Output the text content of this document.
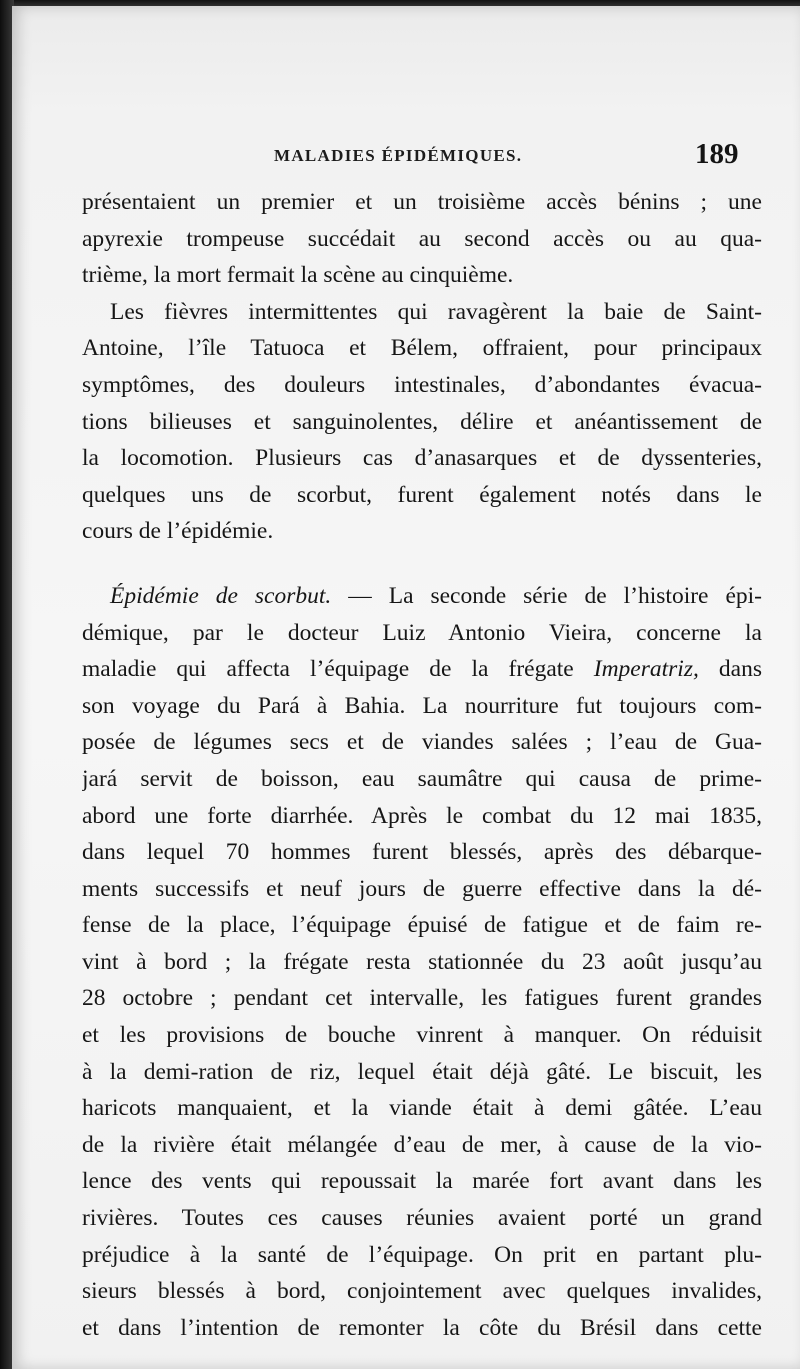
MALADIES ÉPIDÉMIQUES.	189
présentaient un premier et un troisième accès bénins ; une
apyrexie trompeuse succédait au second accès ou au qua-
trième, la mort fermait la scène au cinquième.
Les fièvres intermittentes qui ravagèrent la baie de Saint-
Antoine, l’île Tatuoca et Bélem, offraient, pour principaux
symptômes, des douleurs intestinales, d’abondantes évacua-
tions bilieuses et sanguinolentes, délire et anéantissement de
la locomotion. Plusieurs cas d’anasarques et de dyssenteries,
quelques uns de scorbut, furent également notés dans le
cours de l’épidémie.
Épidémie de scorbut. — La seconde série de l’histoire épi-
démique, par le docteur Luiz Antonio Vieira, concerne la
maladie qui affecta l’équipage de la frégate Imperatriz, dans
son voyage du Pará à Bahia. La nourriture fut toujours com-
posée de légumes secs et de viandes salées ; l’eau de Gua-
jará servit de boisson, eau saumâtre qui causa de prime-
abord une forte diarrhée. Après le combat du 12 mai 1835,
dans lequel 70 hommes furent blessés, après des débarque-
ments successifs et neuf jours de guerre effective dans la dé-
fense de la place, l’équipage épuisé de fatigue et de faim re-
vint à bord ; la frégate resta stationnée du 23 août jusqu’au
28 octobre ; pendant cet intervalle, les fatigues furent grandes
et les provisions de bouche vinrent à manquer. On réduisit
à la demi-ration de riz, lequel était déjà gâté. Le biscuit, les
haricots manquaient, et la viande était à demi gâtée. L’eau
de la rivière était mélangée d’eau de mer, à cause de la vio-
lence des vents qui repoussait la marée fort avant dans les
rivières. Toutes ces causes réunies avaient porté un grand
préjudice à la santé de l’équipage. On prit en partant plu-
sieurs blessés à bord, conjointement avec quelques invalides,
et dans l’intention de remonter la côte du Brésil dans cette
